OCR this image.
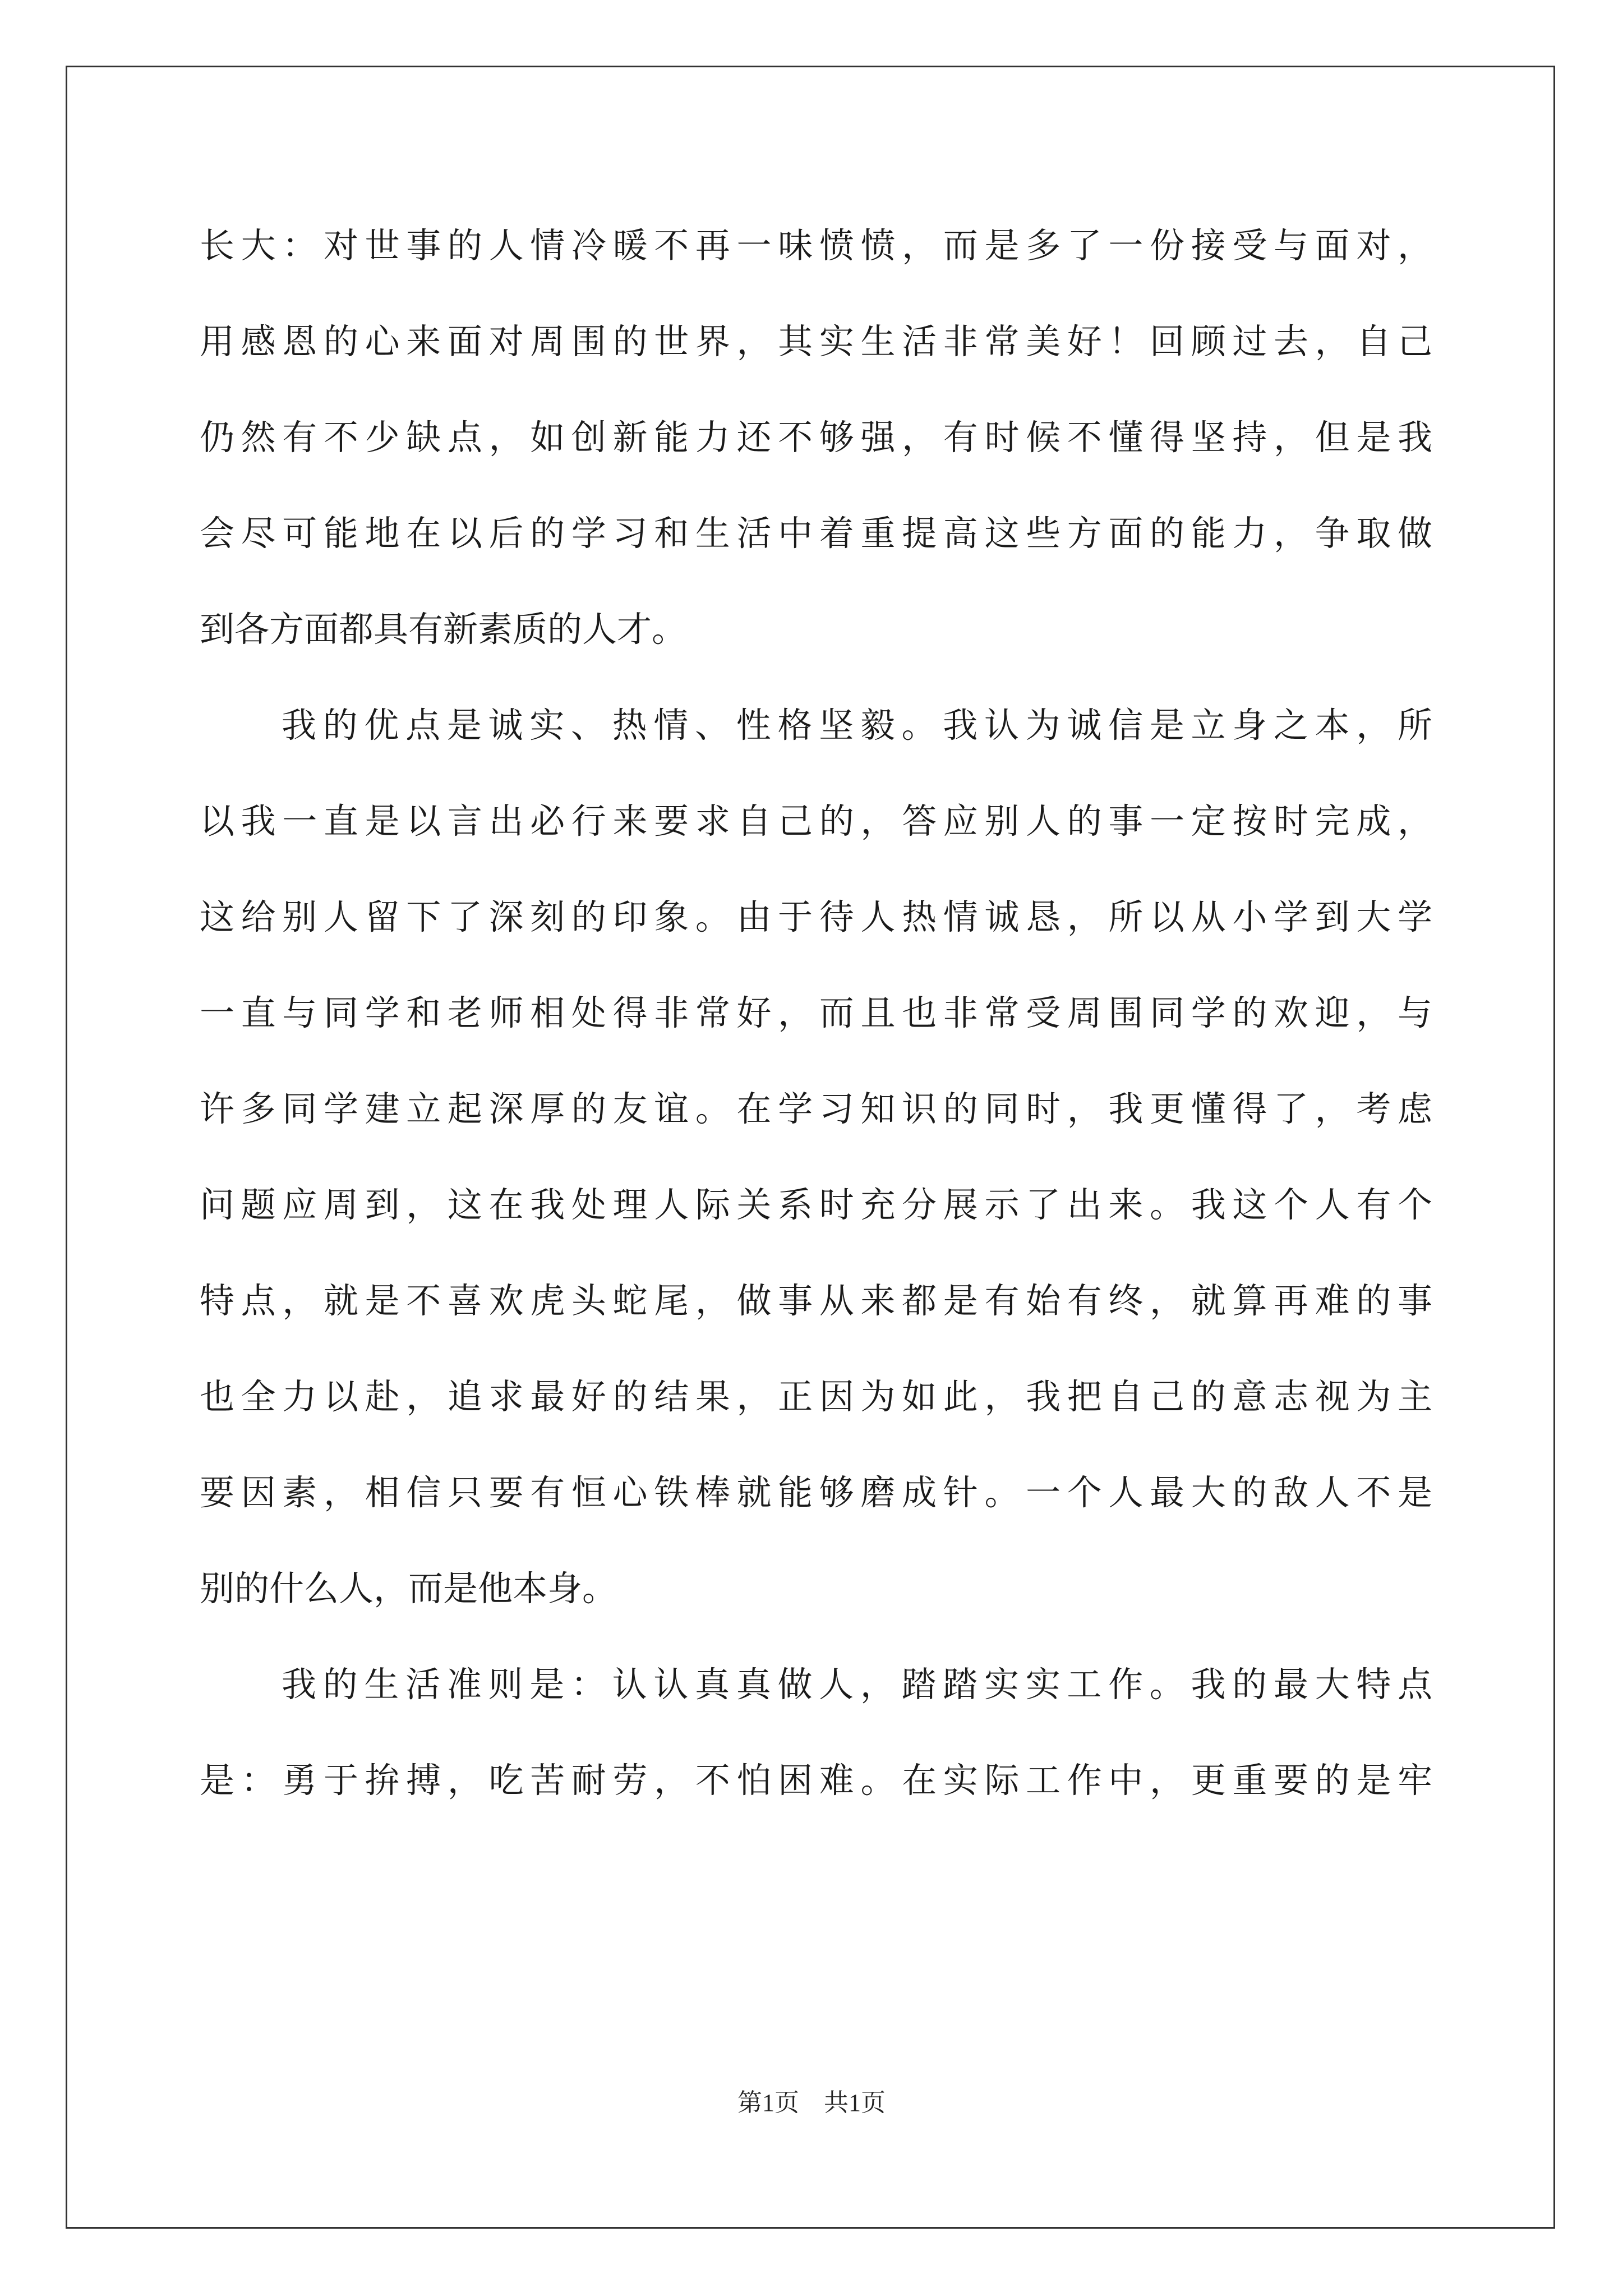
长大：对世事的人情冷暖不再一味愤愤，而是多了一份接受与面对，
用感恩的心来面对周围的世界，其实生活非常美好！回顾过去，自己
仍然有不少缺点，如创新能力还不够强，有时候不懂得坚持，但是我
会尽可能地在以后的学习和生活中着重提高这些方面的能力，争取做
到各方面都具有新素质的人才。
我的优点是诚实、热情、性格坚毅。我认为诚信是立身之本，所
以我一直是以言出必行来要求自己的，答应别人的事一定按时完成，
这给别人留下了深刻的印象。由于待人热情诚恳，所以从小学到大学
一直与同学和老师相处得非常好，而且也非常受周围同学的欢迎，与
许多同学建立起深厚的友谊。在学习知识的同时，我更懂得了，考虑
问题应周到，这在我处理人际关系时充分展示了出来。我这个人有个
特点，就是不喜欢虎头蛇尾，做事从来都是有始有终，就算再难的事
也全力以赴，追求最好的结果，正因为如此，我把自己的意志视为主
要因素，相信只要有恒心铁棒就能够磨成针。一个人最大的敌人不是
别的什么人，而是他本身。
我的生活准则是：认认真真做人，踏踏实实工作。我的最大特点
是：勇于拚搏，吃苦耐劳，不怕困难。在实际工作中，更重要的是牢
第1页　共1页
